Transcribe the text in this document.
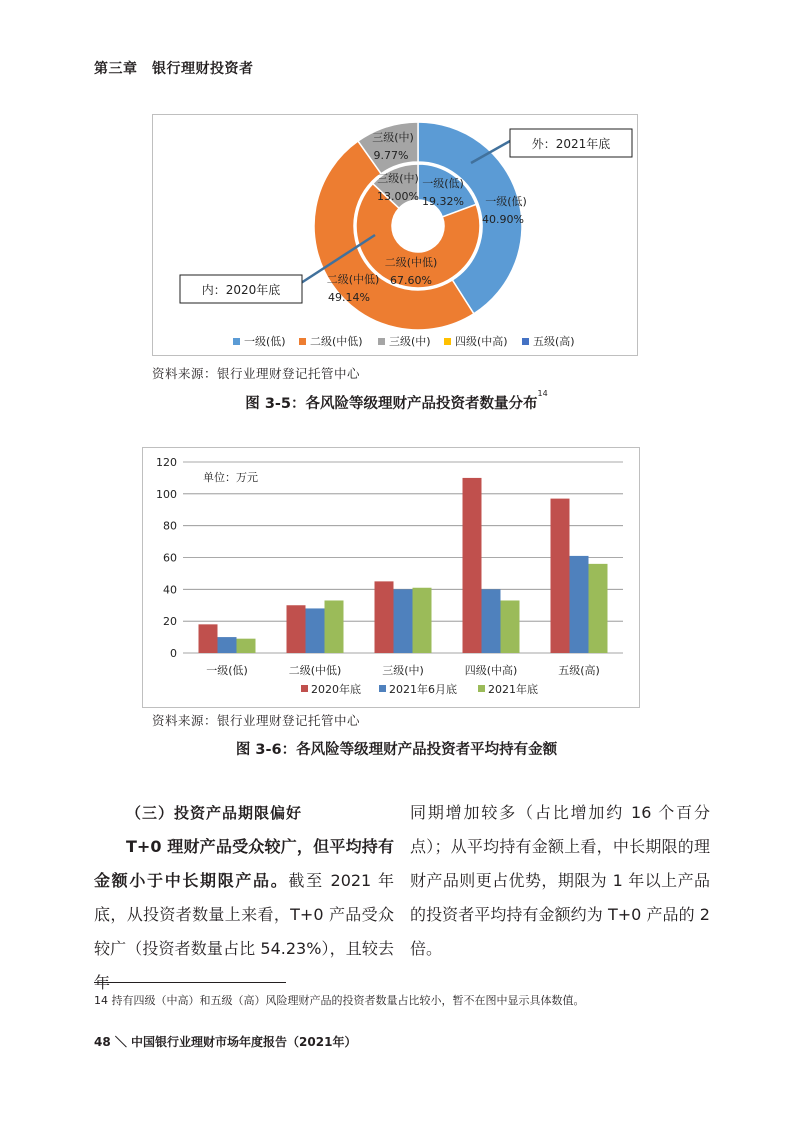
第三章　银行理财投资者
三级(中)
9.77%
一级(低)
40.90%
二级(中低)
49.14%
三级(中)
13.00%
一级(低)
19.32%
二级(中低)
67.60%
外：2021年底
内：2020年底
一级(低) 二级(中低) 三级(中) 四级(中高) 五级(高)
资料来源：银行业理财登记托管中心
图 3-5：各风险等级理财产品投资者数量分布$^{14}$
0
20
40
60
80
100
120
一级(低)	二级(中低)	三级(中)	四级(中高)	五级(高)
单位：万元
2020年底	2021年6月底	2021年底
资料来源：银行业理财登记托管中心
图 3-6：各风险等级理财产品投资者平均持有金额

（三）投资产品期限偏好

T+0 理财产品受众较广，但平均持有金额小于中长期限产品。截至 2021 年底，从投资者数量上来看，T+0 产品受众较广（投资者数量占比 54.23%），且较去年

同期增加较多（占比增加约 16 个百分点）；从平均持有金额上看，中长期限的理财产品则更占优势，期限为 1 年以上产品的投资者平均持有金额约为 T+0 产品的 2 倍。

14 持有四级（中高）和五级（高）风险理财产品的投资者数量占比较小，暂不在图中显示具体数值。
48 ＼ 中国银行业理财市场年度报告（2021年）
